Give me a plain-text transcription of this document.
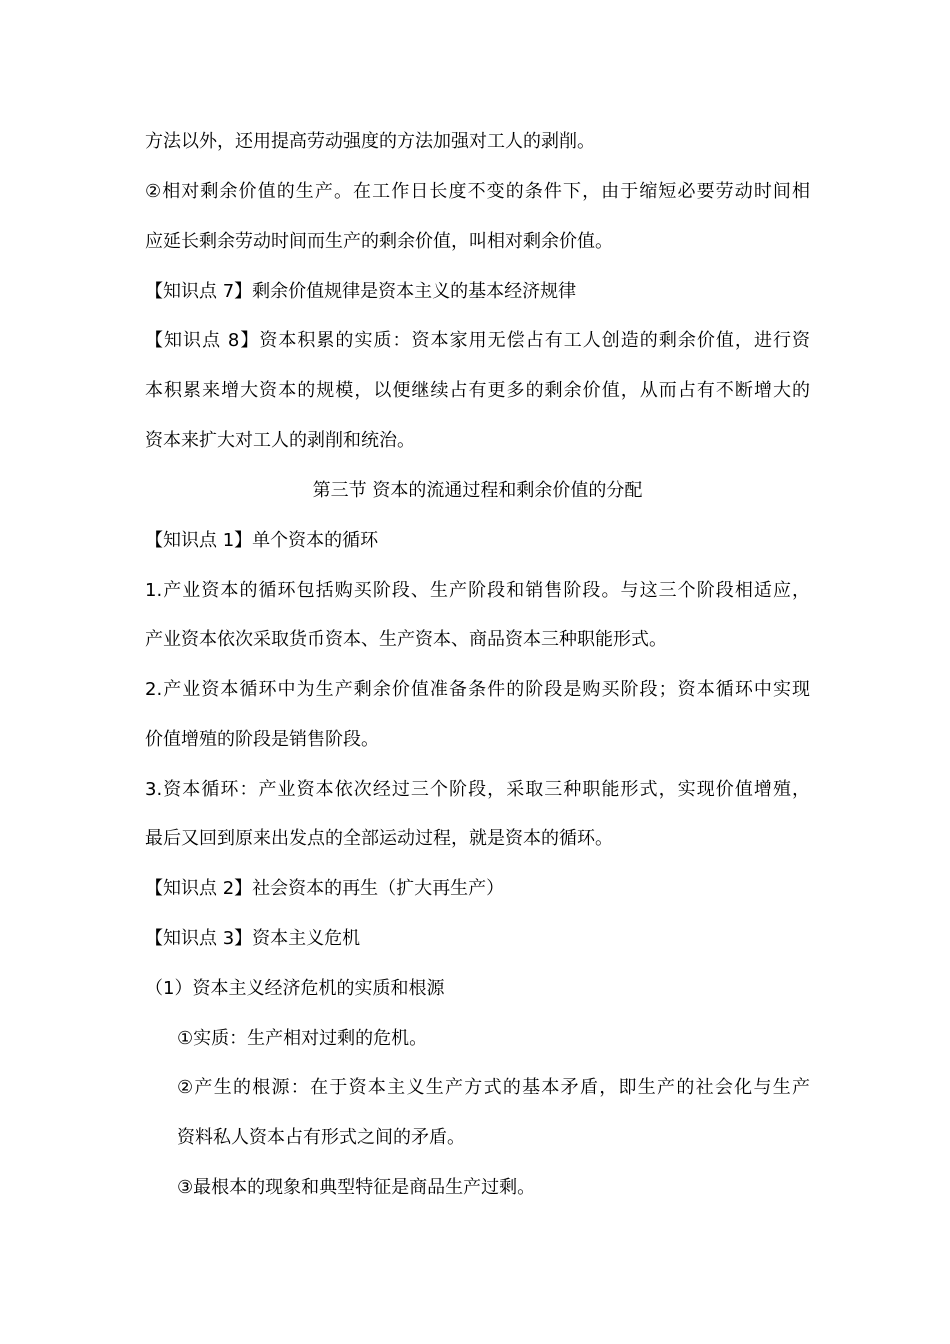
方法以外，还用提高劳动强度的方法加强对工人的剥削。
②相对剩余价值的生产。在工作日长度不变的条件下，由于缩短必要劳动时间相
应延长剩余劳动时间而生产的剩余价值，叫相对剩余价值。
【知识点 7】剩余价值规律是资本主义的基本经济规律
【知识点 8】资本积累的实质：资本家用无偿占有工人创造的剩余价值，进行资
本积累来增大资本的规模，以便继续占有更多的剩余价值，从而占有不断增大的
资本来扩大对工人的剥削和统治。
第三节 资本的流通过程和剩余价值的分配
【知识点 1】单个资本的循环
1.产业资本的循环包括购买阶段、生产阶段和销售阶段。与这三个阶段相适应，
产业资本依次采取货币资本、生产资本、商品资本三种职能形式。
2.产业资本循环中为生产剩余价值准备条件的阶段是购买阶段；资本循环中实现
价值增殖的阶段是销售阶段。
3.资本循环：产业资本依次经过三个阶段，采取三种职能形式，实现价值增殖，
最后又回到原来出发点的全部运动过程，就是资本的循环。
【知识点 2】社会资本的再生（扩大再生产）
【知识点 3】资本主义危机
（1）资本主义经济危机的实质和根源
①实质：生产相对过剩的危机。
②产生的根源：在于资本主义生产方式的基本矛盾，即生产的社会化与生产
资料私人资本占有形式之间的矛盾。
③最根本的现象和典型特征是商品生产过剩。
